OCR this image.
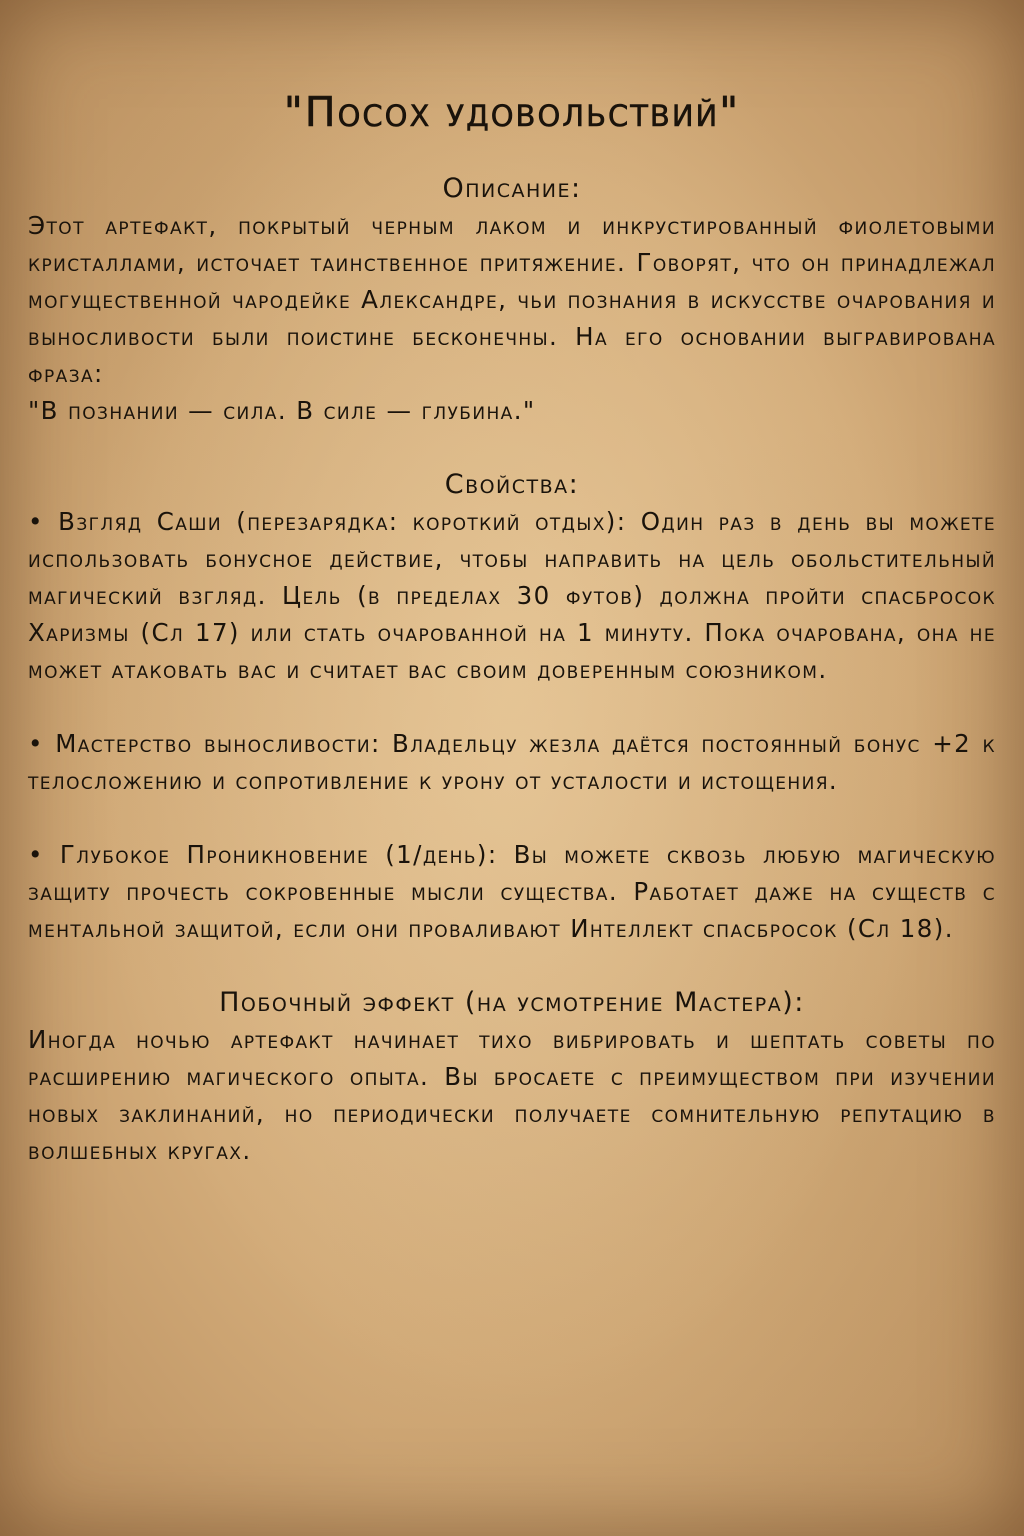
"Посох удовольствий"
Описание:

Этот артефакт, покрытый черным лаком и инкрустированный фиолетовыми кристаллами, источает таинственное притяжение. Говорят, что он принадлежал могущественной чародейке Александре, чьи познания в искусстве очарования и выносливости были поистине бесконечны. На его основании выгравирована фраза:

"В познании — сила. В силе — глубина."

Свойства:

• Взгляд Саши (перезарядка: короткий отдых): Один раз в день вы можете использовать бонусное действие, чтобы направить на цель обольстительный магический взгляд. Цель (в пределах 30 футов) должна пройти спасбросок Харизмы (Сл 17) или стать очарованной на 1 минуту. Пока очарована, она не может атаковать вас и считает вас своим доверенным союзником.

• Мастерство выносливости: Владельцу жезла даётся постоянный бонус +2 к телосложению и сопротивление к урону от усталости и истощения.

• Глубокое Проникновение (1/день): Вы можете сквозь любую магическую защиту прочесть сокровенные мысли существа. Работает даже на существ с ментальной защитой, если они проваливают Интеллект спасбросок (Сл 18).

Побочный эффект (на усмотрение Мастера):

Иногда ночью артефакт начинает тихо вибрировать и шептать советы по расширению магического опыта. Вы бросаете с преимуществом при изучении новых заклинаний, но периодически получаете сомнительную репутацию в волшебных кругах.
